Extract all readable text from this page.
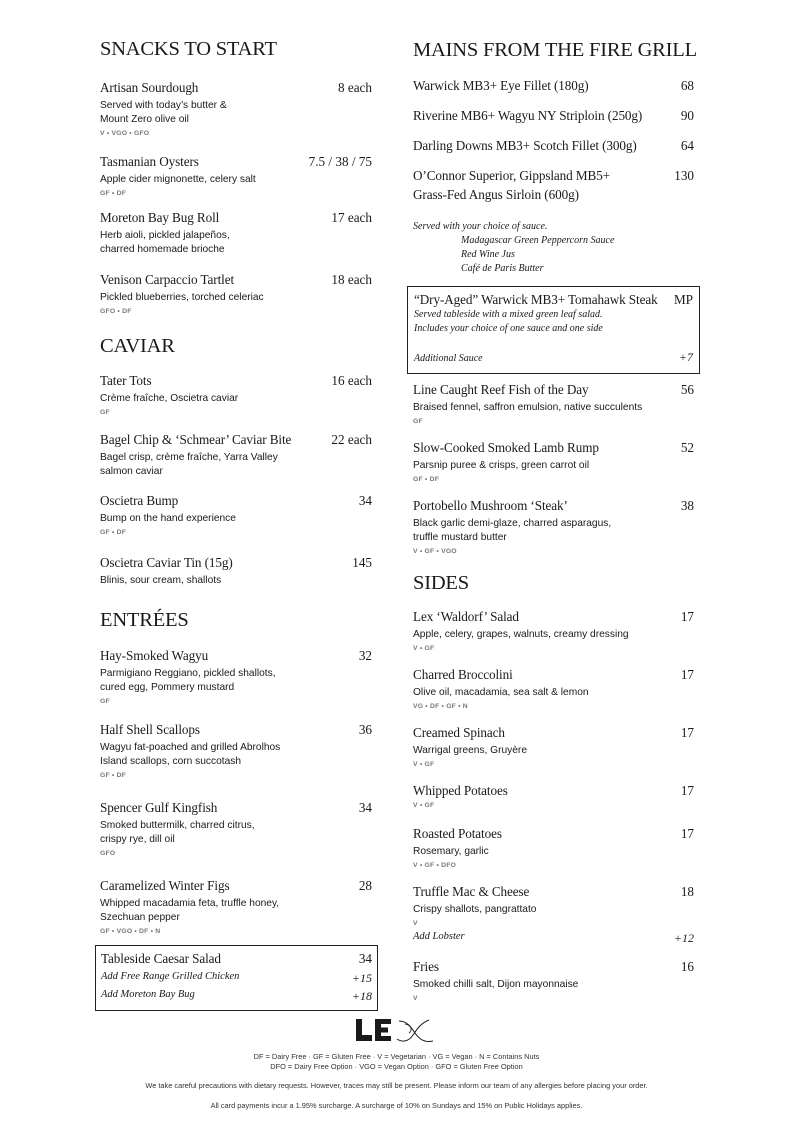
SNACKS TO START
Artisan Sourdough	8 each
Served with today’s butter &
Mount Zero olive oil
V • VGO • GFO
Tasmanian Oysters	7.5 / 38 / 75
Apple cider mignonette, celery salt
GF • DF
Moreton Bay Bug Roll	17 each
Herb aioli, pickled jalapeños,
charred homemade brioche
Venison Carpaccio Tartlet	18 each
Pickled blueberries, torched celeriac
GFO • DF
CAVIAR
Tater Tots	16 each
Crème fraîche, Oscietra caviar
GF
Bagel Chip & ‘Schmear’ Caviar Bite	22 each
Bagel crisp, crème fraîche, Yarra Valley
salmon caviar
Oscietra Bump	34
Bump on the hand experience
GF • DF
Oscietra Caviar Tin (15g)	145
Blinis, sour cream, shallots
ENTRÉES
Hay-Smoked Wagyu	32
Parmigiano Reggiano, pickled shallots,
cured egg, Pommery mustard
GF
Half Shell Scallops	36
Wagyu fat-poached and grilled Abrolhos
Island scallops, corn succotash
GF • DF
Spencer Gulf Kingfish	34
Smoked buttermilk, charred citrus,
crispy rye, dill oil
GFO
Caramelized Winter Figs	28
Whipped macadamia feta, truffle honey,
Szechuan pepper
GF • VGO • DF • N
Tableside Caesar Salad	34
Add Free Range Grilled Chicken	+15
Add Moreton Bay Bug	+18
MAINS FROM THE FIRE GRILL
Warwick MB3+ Eye Fillet (180g)	68
Riverine MB6+ Wagyu NY Striploin (250g)	90
Darling Downs MB3+ Scotch Fillet (300g)	64
O’Connor Superior, Gippsland MB5+	130
Grass-Fed Angus Sirloin (600g)
Served with your choice of sauce.
Madagascar Green Peppercorn Sauce
Red Wine Jus
Café de Paris Butter
“Dry-Aged” Warwick MB3+ Tomahawk Steak MP
Served tableside with a mixed green leaf salad.
Includes your choice of one sauce and one side
Additional Sauce	+7
Line Caught Reef Fish of the Day	56
Braised fennel, saffron emulsion, native succulents
GF
Slow-Cooked Smoked Lamb Rump	52
Parsnip puree & crisps, green carrot oil
GF • DF
Portobello Mushroom ‘Steak’	38
Black garlic demi-glaze, charred asparagus,
truffle mustard butter
V • GF • VGO
SIDES
Lex ‘Waldorf’ Salad	17
Apple, celery, grapes, walnuts, creamy dressing
V • GF
Charred Broccolini	17
Olive oil, macadamia, sea salt & lemon
VG • DF • GF • N
Creamed Spinach	17
Warrigal greens, Gruyère
V • GF
Whipped Potatoes	17
V • GF
Roasted Potatoes	17
Rosemary, garlic
V • GF • DFO
Truffle Mac & Cheese	18
Crispy shallots, pangrattato
V
Add Lobster	+12
Fries	16
Smoked chilli salt, Dijon mayonnaise
V
DF = Dairy Free · GF = Gluten Free · V = Vegetarian · VG = Vegan · N = Contains Nuts
DFO = Dairy Free Option · VGO = Vegan Option · GFO = Gluten Free Option
We take careful precautions with dietary requests. However, traces may still be present. Please inform our team of any allergies before placing your order.
All card payments incur a 1.95% surcharge. A surcharge of 10% on Sundays and 15% on Public Holidays applies.
